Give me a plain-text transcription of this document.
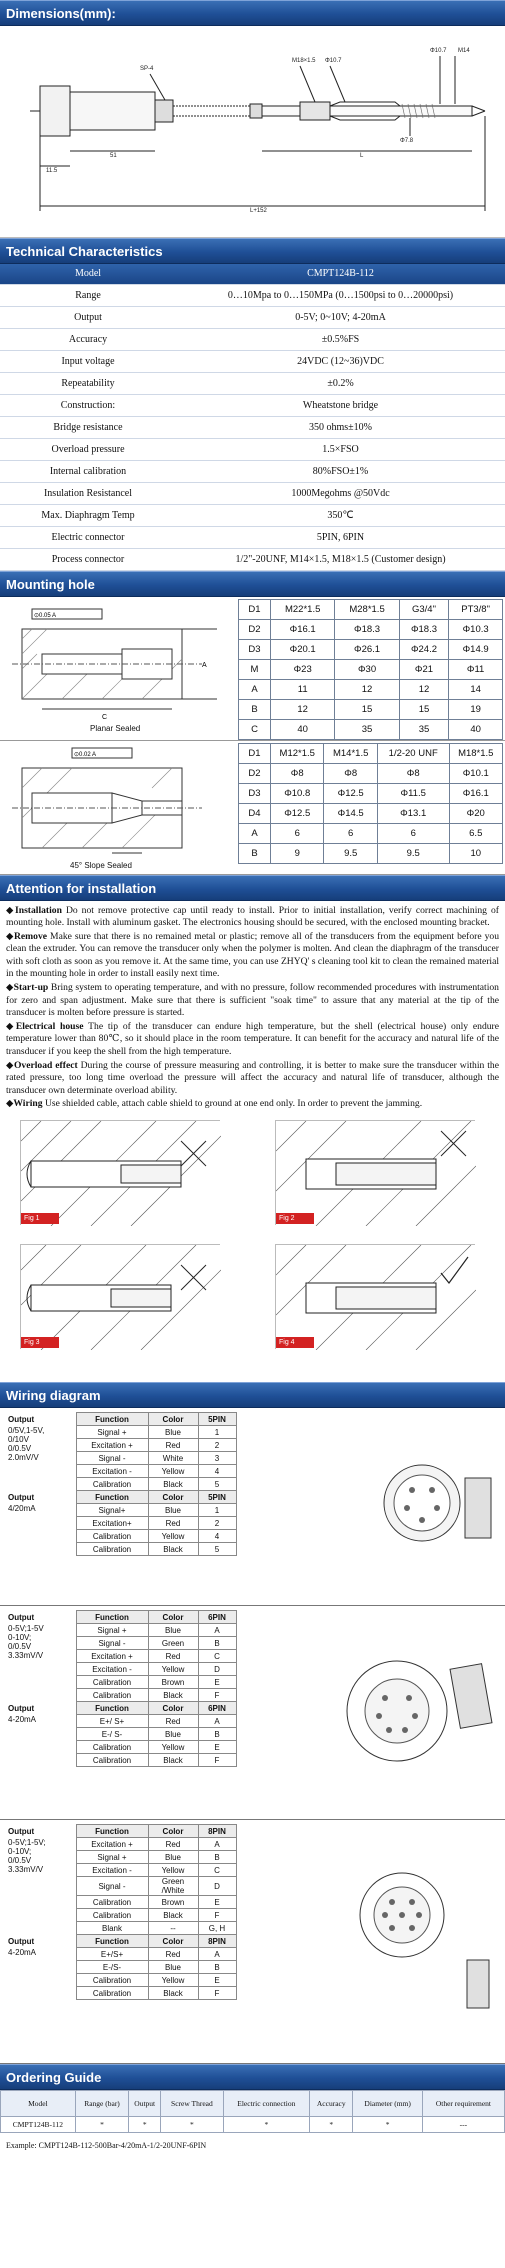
Dimensions(mm):
SP-4
51
11.5
L
L+152
M18×1.5 Φ10.7
Φ10.7 M14
Φ7.8
Technical Characteristics
Model	CMPT124B-112
Range	0…10Mpa to 0…150MPa (0…1500psi to 0…20000psi)
Output	0-5V; 0~10V; 4-20mA
Accuracy	±0.5%FS
Input voltage	24VDC (12~36)VDC
Repeatability	±0.2%
Construction:	Wheatstone bridge
Bridge resistance	350 ohms±10%
Overload pressure	1.5×FSO
Internal calibration	80%FSO±1%
Insulation Resistancel	1000Megohms @50Vdc
Max. Diaphragm Temp	350℃
Electric connector	5PIN, 6PIN
Process connector	1/2"-20UNF, M14×1.5, M18×1.5 (Customer design)
Mounting hole
⊙0.05 A
A
C
Planar Sealed
D1	M22*1.5	M28*1.5	G3/4"	PT3/8"
D2	Φ16.1	Φ18.3	Φ18.3	Φ10.3
D3	Φ20.1	Φ26.1	Φ24.2	Φ14.9
M	Φ23	Φ30	Φ21	Φ11
A	11	12	12	14
B	12	15	15	19
C	40	35	35	40
⊙0.02 A
45° Slope Sealed
D1	M12*1.5	M14*1.5	1/2-20 UNF	M18*1.5
D2	Φ8	Φ8	Φ8	Φ10.1
D3	Φ10.8	Φ12.5	Φ11.5	Φ16.1
D4	Φ12.5	Φ14.5	Φ13.1	Φ20
A	6	6	6	6.5
B	9	9.5	9.5	10
Attention for installation

◆Installation Do not remove protective cap until ready to install. Prior to initial installation, verify correct machining of mounting hole. Install with aluminum gasket. The electronics housing should be secured, with the enclosed mounting bracket.

◆Remove Make sure that there is no remained metal or plastic; remove all of the transducers from the equipment before you clean the extruder. You can remove the transducer only when the polymer is molten. And clean the diaphragm of the transducer with soft cloth as soon as you remove it. At the same time, you can use ZHYQ' s cleaning tool kit to clean the remained material in the mounting hole in order to install easily next time.

◆Start-up Bring system to operating temperature, and with no pressure, follow recommended procedures with instrumentation for zero and span adjustment. Make sure that there is sufficient "soak time" to assure that any material at the tip of the transducer is molten before pressure is started.

◆Electrical house The tip of the transducer can endure high temperature, but the shell (electrical house) only endure temperature lower than 80℃, so it should place in the room temperature. It can benefit for the accuracy and natural life of the transducer if you keep the shell from the high temperature.

◆Overload effect During the course of pressure measuring and controlling, it is better to make sure the transducer within the rated pressure, too long time overload the pressure will affect the accuracy and natural life of transducer, although the transducer own determinate overload ability.

◆Wiring Use shielded cable, attach cable shield to ground at one end only. In order to prevent the jamming.

Fig 1	Fig 2
Fig 3	Fig 4
Wiring diagram
Output	Function	Color	5PIN

0/5V,1-5V,
0/10V
0/0.5V
2.0mV/V	Signal +	Blue	1
	Excitation +	Red	2
	Signal -	White	3
	Excitation -	Yellow	4
	Calibration	Black	5
Output	Function	Color	5PIN

4/20mA	Signal+	Blue	1
	Excitation+	Red	2
	Calibration	Yellow	4
	Calibration	Black	5
Output	Function	Color	6PIN

0-5V;1-5V
0-10V;
0/0.5V
3.33mV/V	Signal +	Blue	A
	Signal -	Green	B
	Excitation +	Red	C
	Excitation -	Yellow	D
	Calibration	Brown	E
	Calibration	Black	F
Output	Function	Color	6PIN

4-20mA	E+/ S+	Red	A
	E-/ S-	Blue	B
	Calibration	Yellow	E
	Calibration	Black	F
Output	Function	Color	8PIN

0-5V;1-5V;
0-10V;
0/0.5V
3.33mV/V	Excitation +	Red	A
	Signal +	Blue	B
	Excitation -	Yellow	C
	Signal -	Green /White	D
	Calibration	Brown	E
	Calibration	Black	F
	Blank	--	G, H
Output	Function	Color	8PIN

4-20mA	E+/S+	Red	A
	E-/S-	Blue	B
	Calibration	Yellow	E
	Calibration	Black	F
Ordering Guide
Model	Range (bar)	Output	Screw Thread	Electric connection	Accuracy	Diameter (mm)	Other requirement
CMPT124B-112	*	*	*	*	*	*	---
Example: CMPT124B-112-500Bar-4/20mA-1/2-20UNF-6PIN
